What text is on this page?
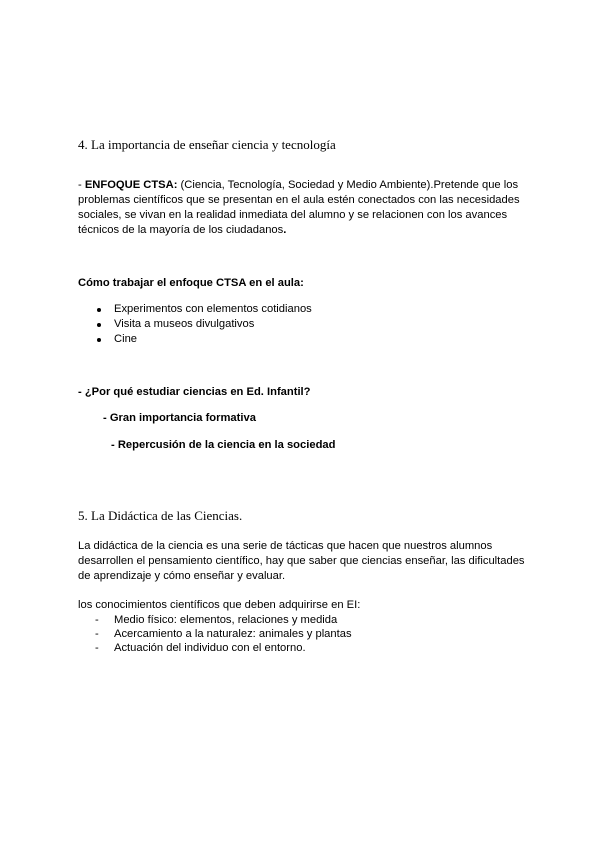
4. La importancia de enseñar ciencia y tecnología
- ENFOQUE CTSA: (Ciencia, Tecnología, Sociedad y Medio Ambiente).Pretende que los problemas científicos que se presentan en el aula estén conectados con las necesidades sociales, se vivan en la realidad inmediata del alumno y se relacionen con los avances técnicos de la mayoría de los ciudadanos.
Cómo trabajar el enfoque CTSA en el aula:
Experimentos con elementos cotidianos
Visita a museos divulgativos
Cine
- ¿Por qué estudiar ciencias en Ed. Infantil?
- Gran importancia formativa
- Repercusión de la ciencia en la sociedad
5. La Didáctica de las Ciencias.
La didáctica de la ciencia es una serie de tácticas que hacen que nuestros alumnos desarrollen el pensamiento científico, hay que saber que ciencias enseñar, las dificultades de aprendizaje y cómo enseñar y evaluar.
los conocimientos científicos que deben adquirirse en EI:
- Medio físico: elementos, relaciones y medida
- Acercamiento a la naturalez: animales y plantas
- Actuación del individuo con el entorno.
